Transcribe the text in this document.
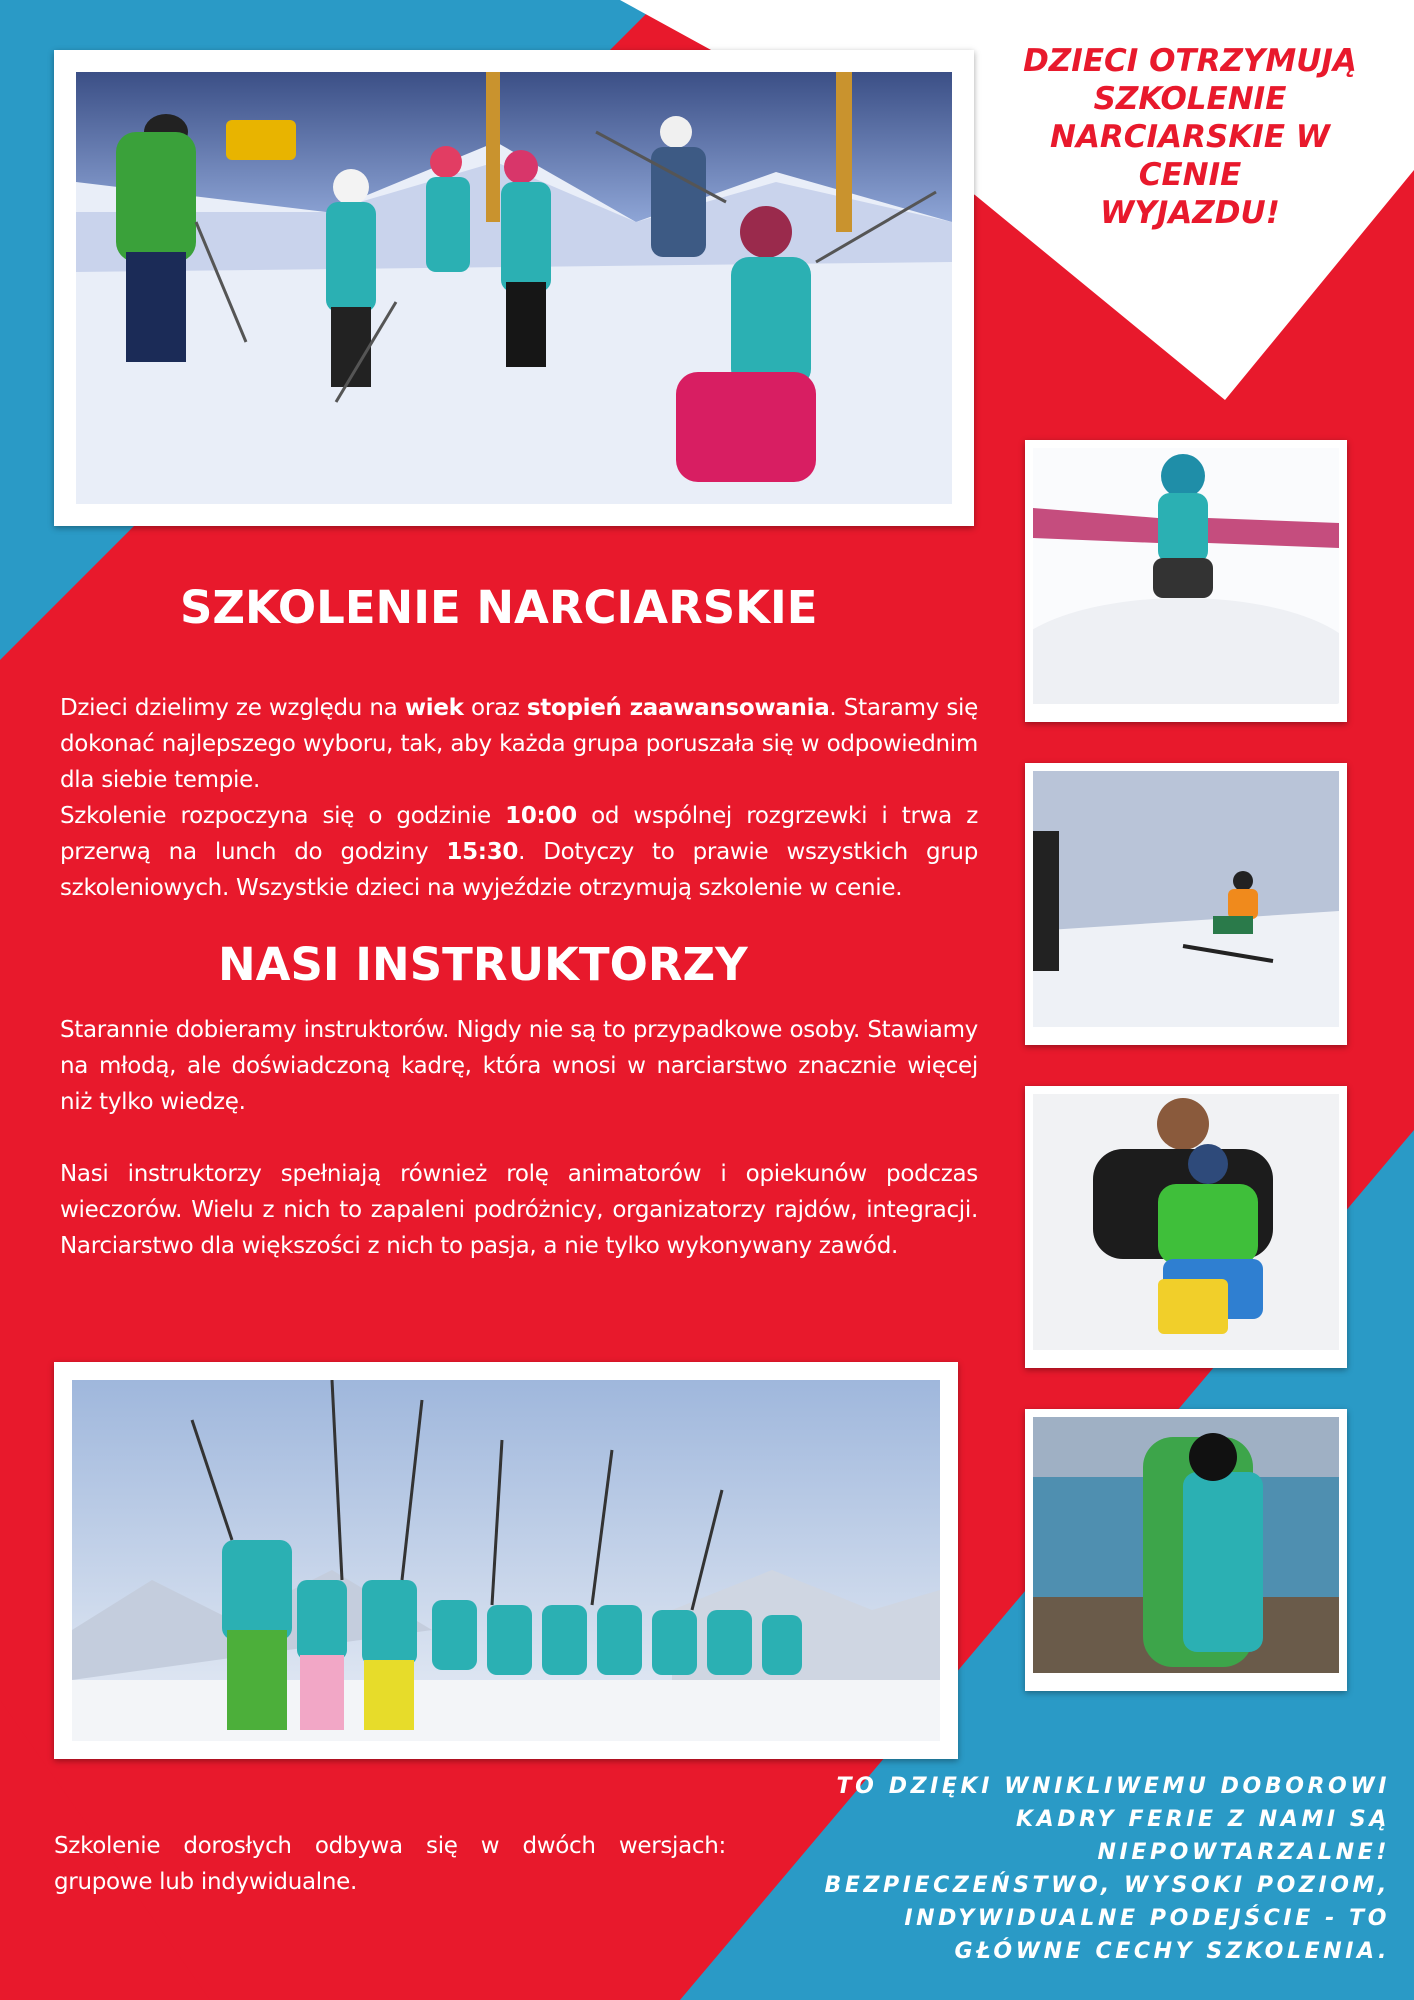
DZIECI OTRZYMUJĄ
SZKOLENIE
NARCIARSKIE W
CENIE
WYJAZDU!
SZKOLENIE NARCIARSKIE

Dzieci dzielimy ze względu na wiek oraz stopień zaawansowania. Staramy się dokonać najlepszego wyboru, tak, aby każda grupa poruszała się w odpowiednim dla siebie tempie.

Szkolenie rozpoczyna się o godzinie 10:00 od wspólnej rozgrzewki i trwa z przerwą na lunch do godziny 15:30. Dotyczy to prawie wszystkich grup szkoleniowych. Wszystkie dzieci na wyjeździe otrzymują szkolenie w cenie.

NASI INSTRUKTORZY

Starannie dobieramy instruktorów. Nigdy nie są to przypadkowe osoby. Stawiamy na młodą, ale doświadczoną kadrę, która wnosi w narciarstwo znacznie więcej niż tylko wiedzę.

Nasi instruktorzy spełniają również rolę animatorów i opiekunów podczas wieczorów. Wielu z nich to zapaleni podróżnicy, organizatorzy rajdów, integracji. Narciarstwo dla większości z nich to pasja, a nie tylko wykonywany zawód.

Szkolenie dorosłych odbywa się w dwóch wersjach: grupowe lub indywidualne.
TO DZIĘKI WNIKLIWEMU DOBOROWI
KADRY FERIE Z NAMI SĄ
NIEPOWTARZALNE!
BEZPIECZEŃSTWO, WYSOKI POZIOM,
INDYWIDUALNE PODEJŚCIE - TO
GŁÓWNE CECHY SZKOLENIA.
